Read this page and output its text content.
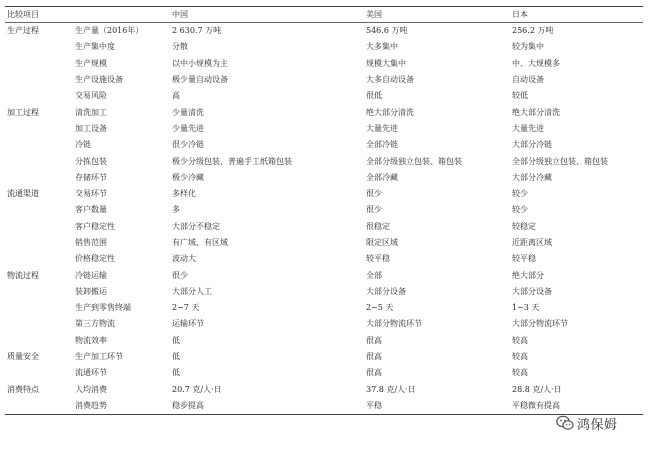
比较项目		中国	美国	日本
生产过程	生产量（2016年）	2 630.7 万吨	546.6 万吨	256.2 万吨
	生产集中度	分散	大多集中	较为集中
	生产规模	以中小规模为主	规模大集中	中、大规模多
	生产设施设备	极少量自动设备	大多自动设备	自动设备
	交易风险	高	很低	较低
加工过程	清洗加工	少量清洗	绝大部分清洗	绝大部分清洗
	加工设备	少量先进	大量先进	大量先进
	冷链	很少冷链	全部冷链	大部分冷链
	分拣包装	极少分级包装，普遍手工纸箱包装	全部分级独立包装、箱包装	全部分级独立包装、箱包装
	存储环节	极少冷藏	全部冷藏	大部分冷藏
流通渠道	交易环节	多样化	很少	较少
	客户数量	多	很少	较少
	客户稳定性	大部分不稳定	很稳定	较稳定
	销售范围	有广域、有区域	限定区域	近距离区域
	价格稳定性	波动大	较平稳	较平稳
物流过程	冷链运输	很少	全部	绝大部分
	装卸搬运	大部分人工	大部分设备	大部分设备
	生产到零售终端	2~7 天	2~5 天	1~3 天
	第三方物流	运输环节	大部分物流环节	大部分物流环节
	物流效率	低	很高	较高
质量安全	生产加工环节	低	很高	较高
	流通环节	低	很高	较高
消费特点	人均消费	20.7 克/人·日	37.8 克/人·日	28.8 克/人·日
	消费趋势	稳步提高	平稳	平稳微有提高
鸿保姆
